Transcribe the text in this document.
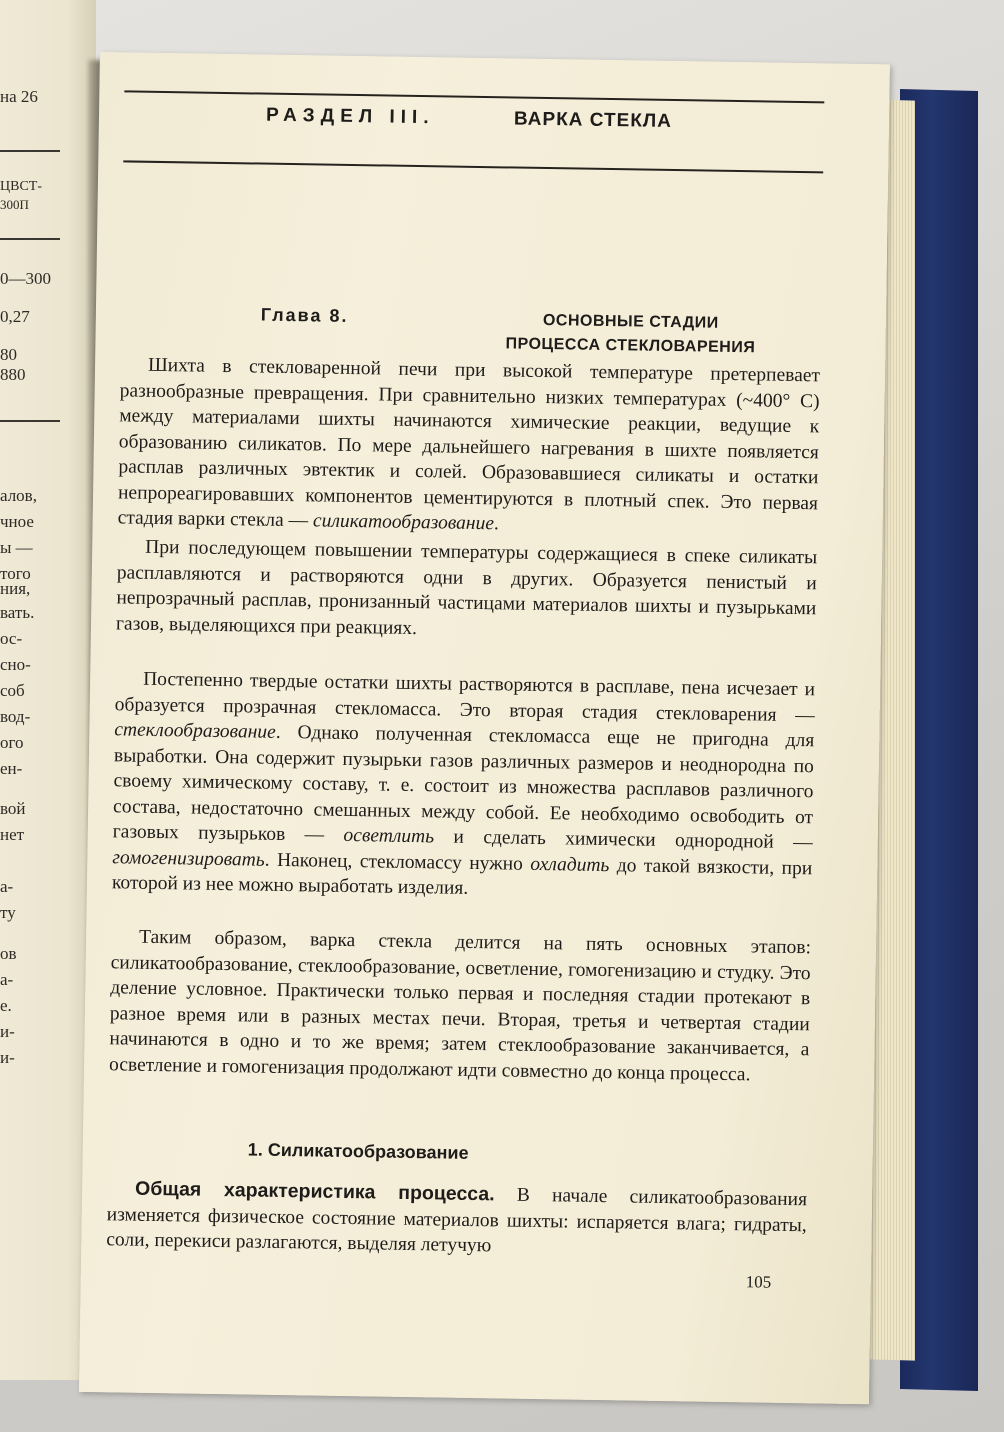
на 26
ЦВСТ-
300П
0—300
0,27
80
880
алов,
чное
ы —
того
ния,
вать.
ос-
сно-
соб
вод-
ого
ен-
вой
нет
а-
ту
ов
а-
е.
и-
и-
РАЗДЕЛ III.	ВАРКА СТЕКЛА
Глава 8.	ОСНОВНЫЕ СТАДИИ
ПРОЦЕССА СТЕКЛОВАРЕНИЯ

Шихта в стекловаренной печи при высокой температуре претерпевает разнообразные превращения. При сравнительно низких температурах (~400° С) между материалами шихты начинаются химические реакции, ведущие к образованию силикатов. По мере дальнейшего нагревания в шихте появляется расплав различных эвтектик и солей. Образовавшиеся силикаты и остатки непрореагировавших компонентов цементируются в плотный спек. Это первая стадия варки стекла — силикатообразование.

При последующем повышении температуры содержащиеся в спеке силикаты расплавляются и растворяются одни в других. Образуется пенистый и непрозрачный расплав, пронизанный частицами материалов шихты и пузырьками газов, выделяющихся при реакциях.

Постепенно твердые остатки шихты растворяются в расплаве, пена исчезает и образуется прозрачная стекломасса. Это вторая стадия стекловарения — стеклообразование. Однако полученная стекломасса еще не пригодна для выработки. Она содержит пузырьки газов различных размеров и неоднородна по своему химическому составу, т. е. состоит из множества расплавов различного состава, недостаточно смешанных между собой. Ее необходимо освободить от газовых пузырьков — осветлить и сделать химически однородной — гомогенизировать. Наконец, стекломассу нужно охладить до такой вязкости, при которой из нее можно выработать изделия.

Таким образом, варка стекла делится на пять основных этапов: силикатообразование, стеклообразование, осветление, гомогенизацию и студку. Это деление условное. Практически только первая и последняя стадии протекают в разное время или в разных местах печи. Вторая, третья и четвертая стадии начинаются в одно и то же время; затем стеклообразование заканчивается, а осветление и гомогенизация продолжают идти совместно до конца процесса.

1. Силикатообразование

Общая характеристика процесса. В начале силикатообразования изменяется физическое состояние материалов шихты: испаряется влага; гидраты, соли, перекиси разлагаются, выделяя летучую

105
